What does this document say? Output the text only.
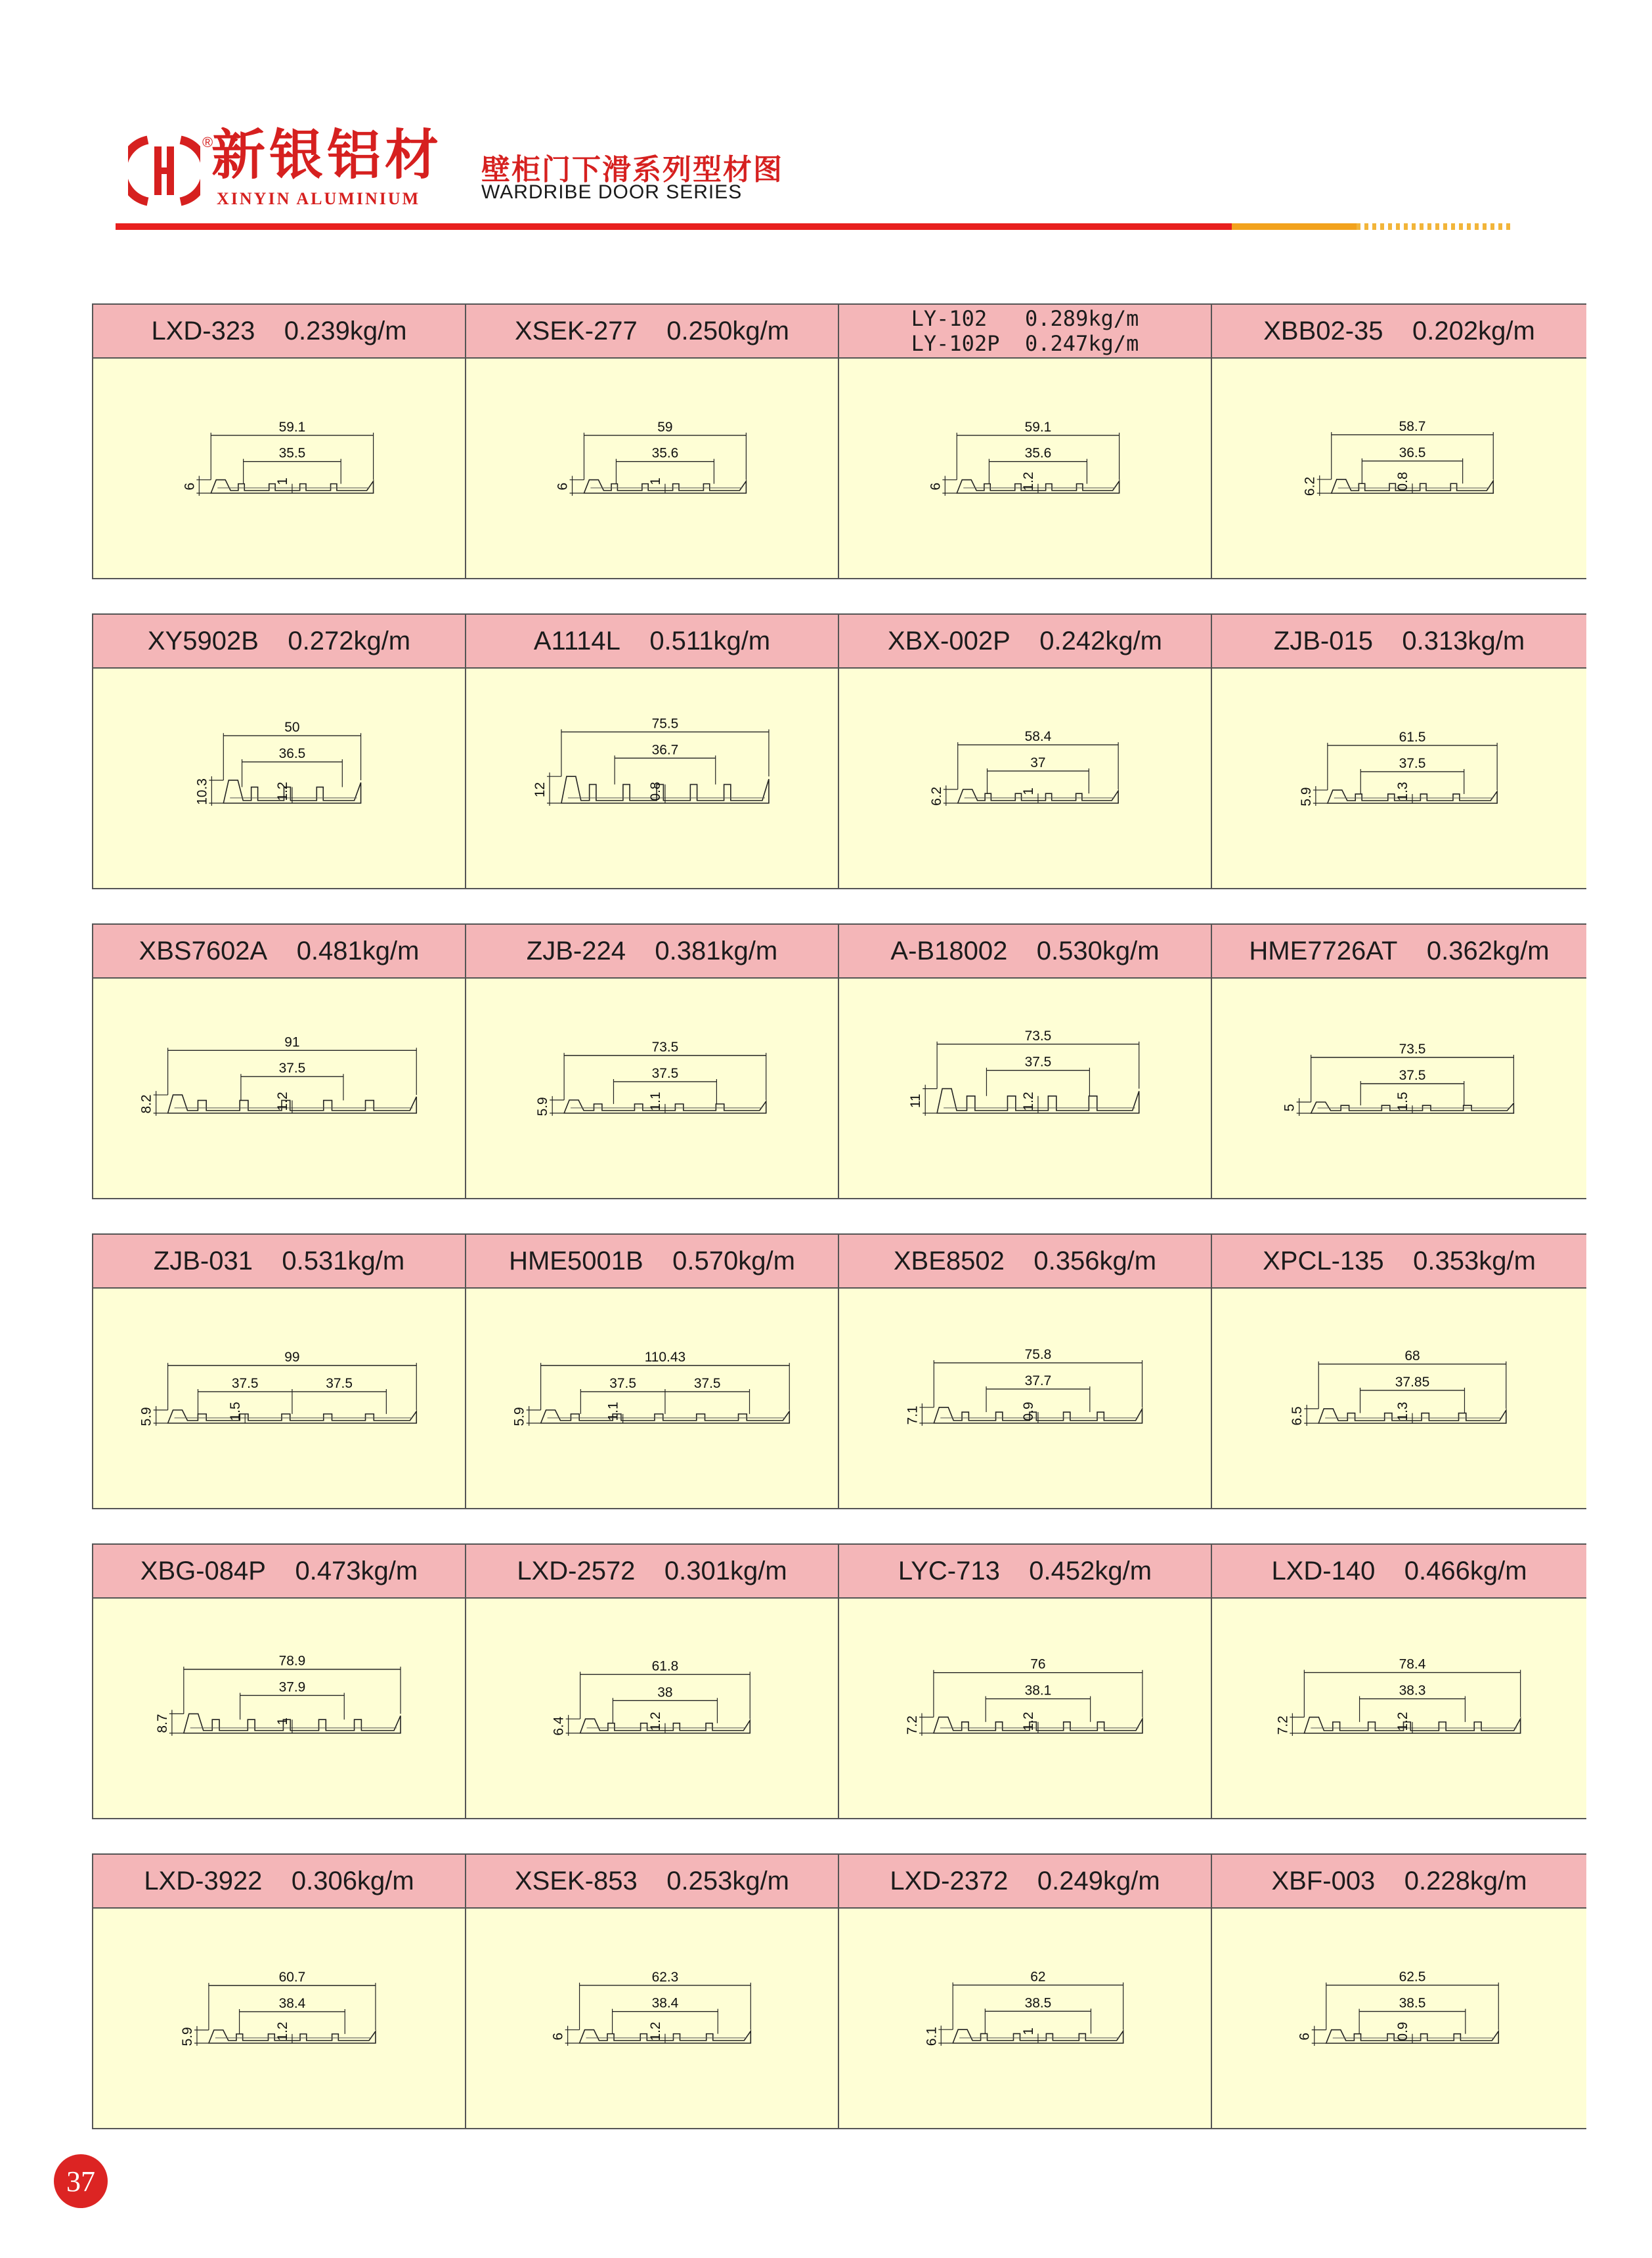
®
新银铝材
XINYIN ALUMINIUM
壁柜门下滑系列型材图
WARDRIBE DOOR SERIES
LXD-323
0.239kg/m
59.1
35.5
1
6
XSEK-277
0.250kg/m
59
35.6
1
6
LY-102 0.289kg/m
LY-102P 0.247kg/m
59.1
35.6
1.2
6
XBB02-35
0.202kg/m
58.7
36.5
0.8
6.2
XY5902B
0.272kg/m
50
36.5
1.2
10.3
A1114L
0.511kg/m
75.5
36.7
0.8
12
XBX-002P
0.242kg/m
58.4
37
1
6.2
ZJB-015
0.313kg/m
61.5
37.5
1.3
5.9
XBS7602A
0.481kg/m
91
37.5
1.2
8.2
ZJB-224
0.381kg/m
73.5
37.5
1.1
5.9
A-B18002
0.530kg/m
73.5
37.5
1.2
11
HME7726AT
0.362kg/m
73.5
37.5
1.5
5
ZJB-031
0.531kg/m
99
37.5	37.5
1.5
5.9
HME5001B
0.570kg/m
110.43
37.5	37.5
1.1
5.9
XBE8502
0.356kg/m
75.8
37.7
0.9
7.1
XPCL-135
0.353kg/m
68
37.85
1.3
6.5
XBG-084P
0.473kg/m
78.9
37.9
1
8.7
LXD-2572
0.301kg/m
61.8
38
1.2
6.4
LYC-713
0.452kg/m
76
38.1
1.2
7.2
LXD-140
0.466kg/m
78.4
38.3
1.2
7.2
LXD-3922
0.306kg/m
60.7
38.4
1.2
5.9
XSEK-853
0.253kg/m
62.3
38.4
1.2
6
LXD-2372
0.249kg/m
62
38.5
1
6.1
XBF-003
0.228kg/m
62.5
38.5
0.9
6
37
